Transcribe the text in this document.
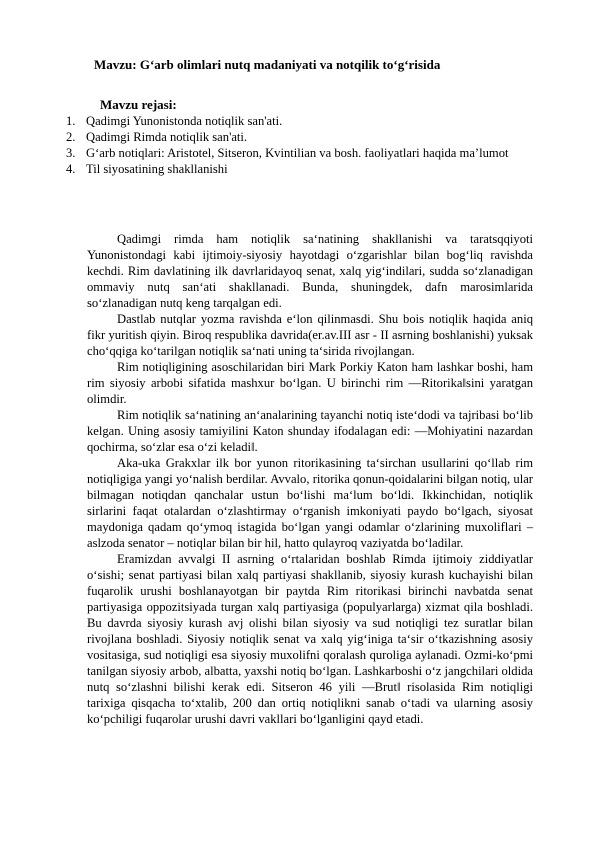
Mavzu: G‘arb olimlari nutq madaniyati va notqilik to‘g‘risida
Mavzu rejasi:
1. Qadimgi Yunonistonda notiqlik san'ati.
2. Qadimgi Rimda notiqlik san'ati.
3. G‘arb notiqlari: Aristotel, Sitseron, Kvintilian va bosh. faoliyatlari haqida ma’lumot
4. Til siyosatining shakllanishi

Qadimgi rimda ham notiqlik sa‘natining shakllanishi va taratsqqiyoti Yunonistondagi kabi ijtimoiy-siyosiy hayotdagi o‘zgarishlar bilan bog‘liq ravishda kechdi. Rim davlatining ilk davrlaridayoq senat, xalq yig‘indilari, sudda so‘zlanadigan ommaviy nutq san‘ati shakllanadi. Bunda, shuningdek, dafn marosimlarida so‘zlanadigan nutq keng tarqalgan edi.

Dastlab nutqlar yozma ravishda e‘lon qilinmasdi. Shu bois notiqlik haqida aniq fikr yuritish qiyin. Biroq respublika davrida(er.av.III asr - II asrning boshlanishi) yuksak cho‘qqiga ko‘tarilgan notiqlik sa‘nati uning ta‘sirida rivojlangan.

Rim notiqligining asoschilaridan biri Mark Porkiy Katon ham lashkar boshi, ham rim siyosiy arbobi sifatida mashxur bo‘lgan. U birinchi rim ―Ritorika‖sini yaratgan olimdir.

Rim notiqlik sa‘natining an‘analarining tayanchi notiq iste‘dodi va tajribasi bo‘lib kelgan. Uning asosiy tamiyilini Katon shunday ifodalagan edi: ―Mohiyatini nazardan qochirma, so‘zlar esa o‘zi keladi‖.

Aka-uka Grakxlar ilk bor yunon ritorikasining ta‘sirchan usullarini qo‘llab rim notiqligiga yangi yo‘nalish berdilar. Avvalo, ritorika qonun-qoidalarini bilgan notiq, ular bilmagan notiqdan qanchalar ustun bo‘lishi ma‘lum bo‘ldi. Ikkinchidan, notiqlik sirlarini faqat otalardan o‘zlashtirmay o‘rganish imkoniyati paydo bo‘lgach, siyosat maydoniga qadam qo‘ymoq istagida bo‘lgan yangi odamlar o‘zlarining muxoliflari – aslzoda senator – notiqlar bilan bir hil, hatto qulayroq vaziyatda bo‘ladilar.

Eramizdan avvalgi II asrning o‘rtalaridan boshlab Rimda ijtimoiy ziddiyatlar o‘sishi; senat partiyasi bilan xalq partiyasi shakllanib, siyosiy kurash kuchayishi bilan fuqarolik urushi boshlanayotgan bir paytda Rim ritorikasi birinchi navbatda senat partiyasiga oppozitsiyada turgan xalq partiyasiga (populyarlarga) xizmat qila boshladi. Bu davrda siyosiy kurash avj olishi bilan siyosiy va sud notiqligi tez suratlar bilan rivojlana boshladi. Siyosiy notiqlik senat va xalq yig‘iniga ta‘sir o‘tkazishning asosiy vositasiga, sud notiqligi esa siyosiy muxolifni qoralash quroliga aylanadi. Ozmi-ko‘pmi tanilgan siyosiy arbob, albatta, yaxshi notiq bo‘lgan. Lashkarboshi o‘z jangchilari oldida nutq so‘zlashni bilishi kerak edi. Sitseron 46 yili ―Brut‖ risolasida Rim notiqligi tarixiga qisqacha to‘xtalib, 200 dan ortiq notiqlikni sanab o‘tadi va ularning asosiy ko‘pchiligi fuqarolar urushi davri vakllari bo‘lganligini qayd etadi.
